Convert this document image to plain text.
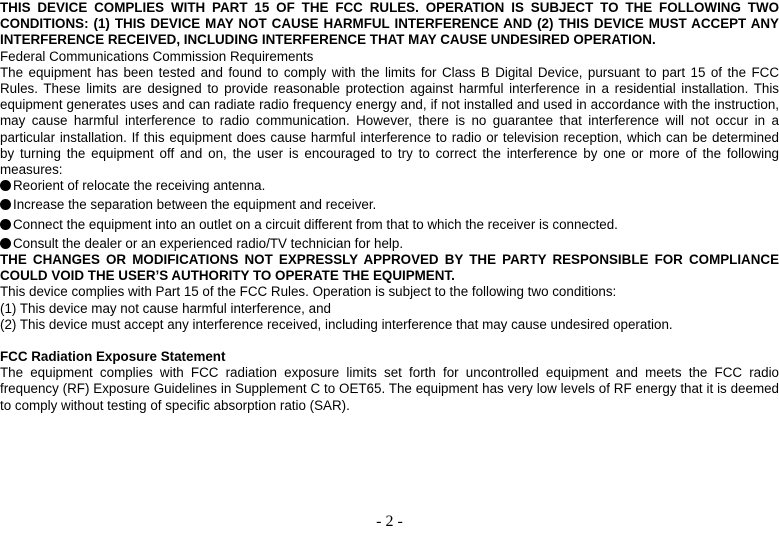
THIS DEVICE COMPLIES WITH PART 15 OF THE FCC RULES. OPERATION IS SUBJECT TO THE FOLLOWING TWO CONDITIONS: (1) THIS DEVICE MAY NOT CAUSE HARMFUL INTERFERENCE AND (2) THIS DEVICE MUST ACCEPT ANY INTERFERENCE RECEIVED, INCLUDING INTERFERENCE THAT MAY CAUSE UNDESIRED OPERATION.

Federal Communications Commission Requirements

The equipment has been tested and found to comply with the limits for Class B Digital Device, pursuant to part 15 of the FCC Rules. These limits are designed to provide reasonable protection against harmful interference in a residential installation. This equipment generates uses and can radiate radio frequency energy and, if not installed and used in accordance with the instruction, may cause harmful interference to radio communication. However, there is no guarantee that interference will not occur in a particular installation. If this equipment does cause harmful interference to radio or television reception, which can be determined by turning the equipment off and on, the user is encouraged to try to correct the interference by one or more of the following measures:

Reorient of relocate the receiving antenna.
Increase the separation between the equipment and receiver.
Connect the equipment into an outlet on a circuit different from that to which the receiver is connected.
Consult the dealer or an experienced radio/TV technician for help.

THE CHANGES OR MODIFICATIONS NOT EXPRESSLY APPROVED BY THE PARTY RESPONSIBLE FOR COMPLIANCE COULD VOID THE USER’S AUTHORITY TO OPERATE THE EQUIPMENT.

This device complies with Part 15 of the FCC Rules. Operation is subject to the following two conditions:

(1) This device may not cause harmful interference, and

(2) This device must accept any interference received, including interference that may cause undesired operation.

FCC Radiation Exposure Statement

The equipment complies with FCC radiation exposure limits set forth for uncontrolled equipment and meets the FCC radio frequency (RF) Exposure Guidelines in Supplement C to OET65. The equipment has very low levels of RF energy that it is deemed to comply without testing of specific absorption ratio (SAR).

- 2 -
